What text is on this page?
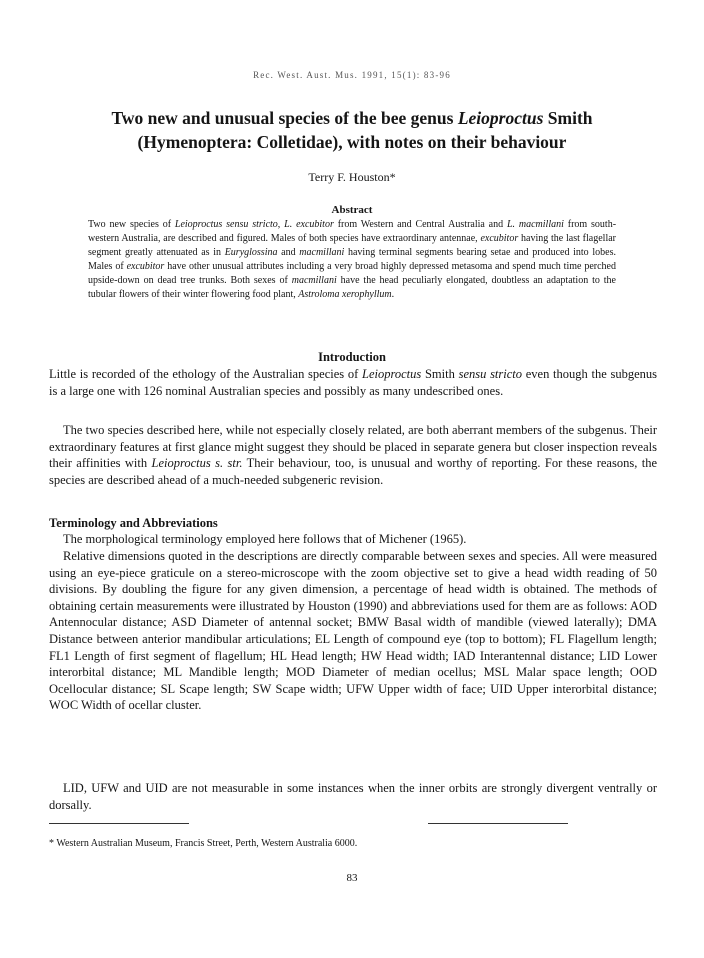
Rec. West. Aust. Mus. 1991, 15(1): 83-96
Two new and unusual species of the bee genus Leioproctus Smith
(Hymenoptera: Colletidae), with notes on their behaviour
Terry F. Houston*
Abstract

Two new species of Leioproctus sensu stricto, L. excubitor from Western and Central Australia and L. macmillani from south-western Australia, are described and figured. Males of both species have extraordinary antennae, excubitor having the last flagellar segment greatly attenuated as in Euryglossina and macmillani having terminal segments bearing setae and produced into lobes. Males of excubitor have other unusual attributes including a very broad highly depressed metasoma and spend much time perched upside-down on dead tree trunks. Both sexes of macmillani have the head peculiarly elongated, doubtless an adaptation to the tubular flowers of their winter flowering food plant, Astroloma xerophyllum.

Introduction

Little is recorded of the ethology of the Australian species of Leioproctus Smith sensu stricto even though the subgenus is a large one with 126 nominal Australian species and possibly as many undescribed ones.

The two species described here, while not especially closely related, are both aberrant members of the subgenus. Their extraordinary features at first glance might suggest they should be placed in separate genera but closer inspection reveals their affinities with Leioproctus s. str. Their behaviour, too, is unusual and worthy of reporting. For these reasons, the species are described ahead of a much-needed subgeneric revision.

Terminology and Abbreviations

The morphological terminology employed here follows that of Michener (1965).

Relative dimensions quoted in the descriptions are directly comparable between sexes and species. All were measured using an eye-piece graticule on a stereo-microscope with the zoom objective set to give a head width reading of 50 divisions. By doubling the figure for any given dimension, a percentage of head width is obtained. The methods of obtaining certain measurements were illustrated by Houston (1990) and abbreviations used for them are as follows: AOD Antennocular distance; ASD Diameter of antennal socket; BMW Basal width of mandible (viewed laterally); DMA Distance between anterior mandibular articulations; EL Length of compound eye (top to bottom); FL Flagellum length; FL1 Length of first segment of flagellum; HL Head length; HW Head width; IAD Interantennal distance; LID Lower interorbital distance; ML Mandible length; MOD Diameter of median ocellus; MSL Malar space length; OOD Ocellocular distance; SL Scape length; SW Scape width; UFW Upper width of face; UID Upper interorbital distance; WOC Width of ocellar cluster.

LID, UFW and UID are not measurable in some instances when the inner orbits are strongly divergent ventrally or dorsally.

* Western Australian Museum, Francis Street, Perth, Western Australia 6000.
83
